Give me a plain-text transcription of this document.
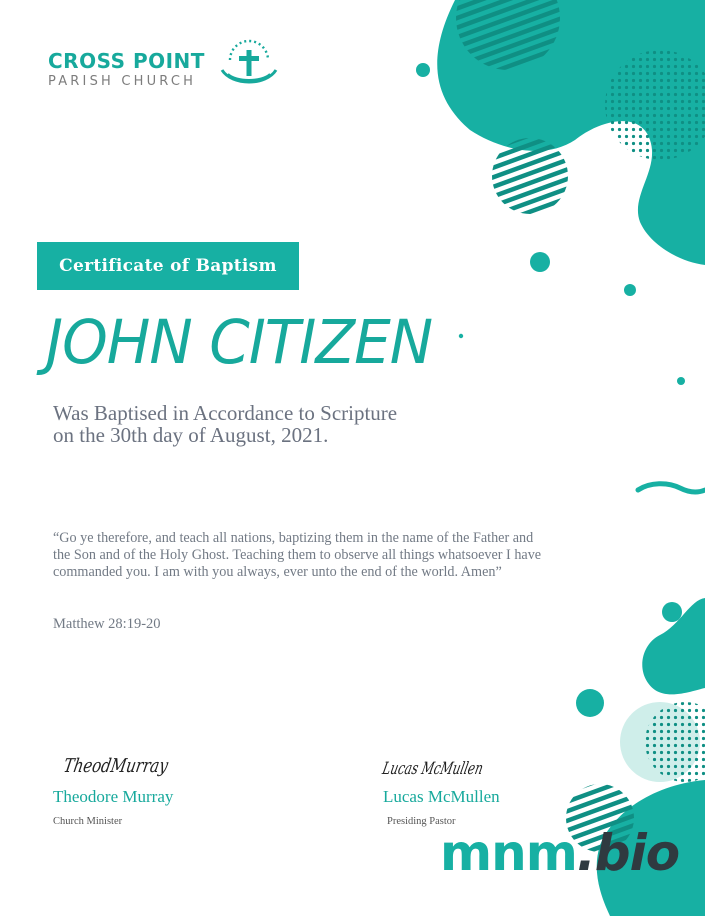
CROSS POINT
PARISH CHURCH
Certificate of Baptism
JOHN CITIZEN
Was Baptised in Accordance to Scripture
on the 30th day of August, 2021.
“Go ye therefore, and teach all nations, baptizing them in the name of the Father and the Son and of the Holy Ghost. Teaching them to observe all things whatsoever I have commanded you. I am with you always, ever unto the end of the world. Amen”
Matthew 28:19-20
TheodMurray
Theodore Murray
Church Minister
Lucas McMullen
Lucas McMullen
Presiding Pastor
mnm.bio
